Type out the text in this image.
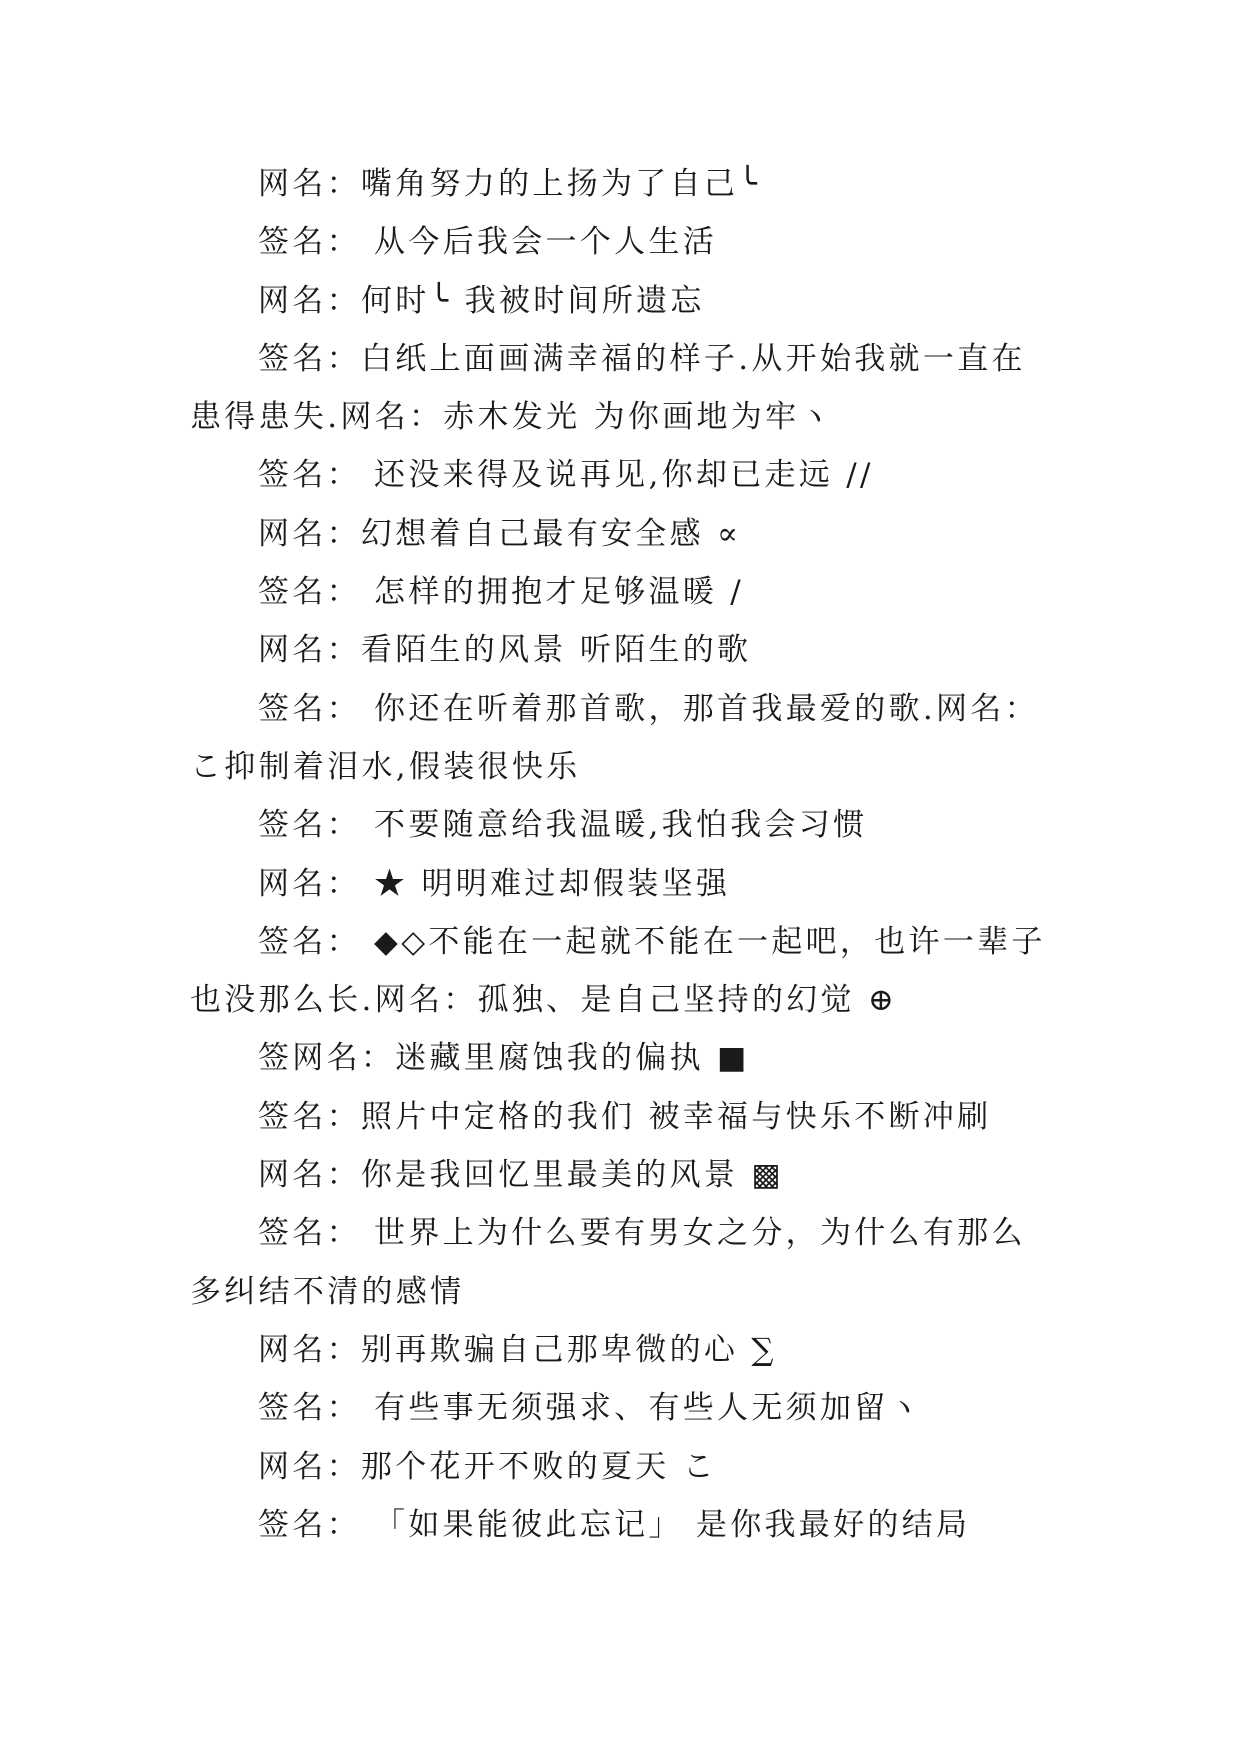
网名：嘴角努力的上扬为了自己╰

签名： 从今后我会一个人生活

网名：何时╰ 我被时间所遗忘

签名：白纸上面画满幸福的样子.从开始我就一直在患得患失.网名：赤木发光 为你画地为牢ヽ

签名： 还没来得及说再见,你却已走远 //

网名：幻想着自己最有安全感 ∝

签名： 怎样的拥抱才足够温暖 /

网名：看陌生的风景 听陌生的歌

签名： 你还在听着那首歌，那首我最爱的歌.网名：こ抑制着泪水,假装很快乐

签名： 不要随意给我温暖,我怕我会习惯

网名： ★ 明明难过却假装坚强

签名： ◆◇不能在一起就不能在一起吧，也许一辈子也没那么长.网名：孤独、是自己坚持的幻觉 ⊕

签网名：迷藏里腐蚀我的偏执 ■

签名：照片中定格的我们 被幸福与快乐不断冲刷

网名：你是我回忆里最美的风景 ▩

签名： 世界上为什么要有男女之分，为什么有那么多纠结不清的感情

网名：别再欺骗自己那卑微的心 ∑

签名： 有些事无须强求、有些人无须加留ヽ

网名：那个花开不败的夏天 こ

签名： 「如果能彼此忘记」 是你我最好的结局
